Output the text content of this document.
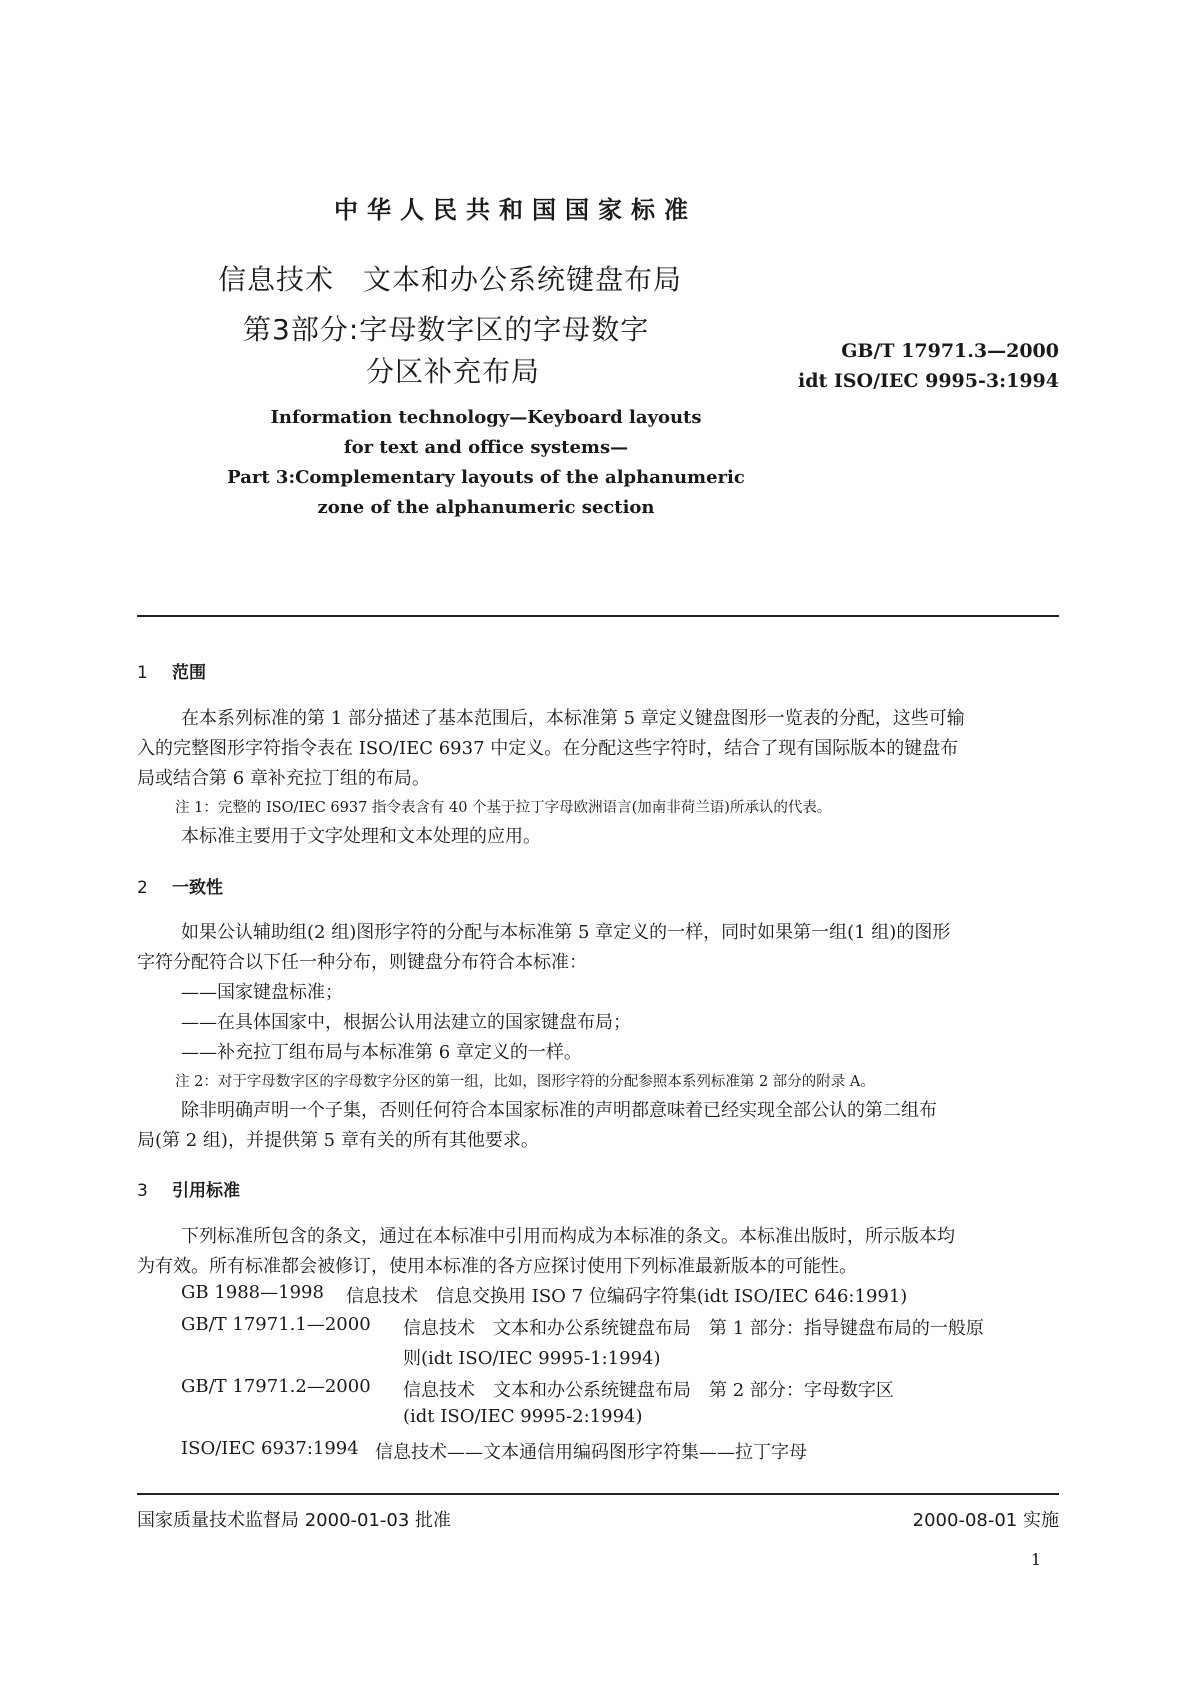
中华人民共和国国家标准
信息技术　文本和办公系统键盘布局
第3部分:字母数字区的字母数字
分区补充布局
GB/T 17971.3—2000
idt ISO/IEC 9995-3:1994
Information technology—Keyboard layouts
for text and office systems—
Part 3:Complementary layouts of the alphanumeric
zone of the alphanumeric section
1 范围
在本系列标准的第 1 部分描述了基本范围后，本标准第 5 章定义键盘图形一览表的分配，这些可输
入的完整图形字符指令表在 ISO/IEC 6937 中定义。在分配这些字符时，结合了现有国际版本的键盘布
局或结合第 6 章补充拉丁组的布局。
注 1：完整的 ISO/IEC 6937 指令表含有 40 个基于拉丁字母欧洲语言(加南非荷兰语)所承认的代表。
本标准主要用于文字处理和文本处理的应用。
2 一致性
如果公认辅助组(2 组)图形字符的分配与本标准第 5 章定义的一样，同时如果第一组(1 组)的图形
字符分配符合以下任一种分布，则键盘分布符合本标准：
——国家键盘标准；
——在具体国家中，根据公认用法建立的国家键盘布局；
——补充拉丁组布局与本标准第 6 章定义的一样。
注 2：对于字母数字区的字母数字分区的第一组，比如，图形字符的分配参照本系列标准第 2 部分的附录 A。
除非明确声明一个子集，否则任何符合本国家标准的声明都意味着已经实现全部公认的第二组布
局(第 2 组)，并提供第 5 章有关的所有其他要求。
3 引用标准
下列标准所包含的条文，通过在本标准中引用而构成为本标准的条文。本标准出版时，所示版本均
为有效。所有标准都会被修订，使用本标准的各方应探讨使用下列标准最新版本的可能性。
GB 1988—1998 信息技术　信息交换用 ISO 7 位编码字符集(idt ISO/IEC 646:1991)
GB/T 17971.1—2000 信息技术　文本和办公系统键盘布局　第 1 部分：指导键盘布局的一般原
则(idt ISO/IEC 9995-1:1994)
GB/T 17971.2—2000 信息技术　文本和办公系统键盘布局　第 2 部分：字母数字区
(idt ISO/IEC 9995-2:1994)
ISO/IEC 6937:1994 信息技术——文本通信用编码图形字符集——拉丁字母
国家质量技术监督局 2000-01-03 批准	2000-08-01 实施
1
